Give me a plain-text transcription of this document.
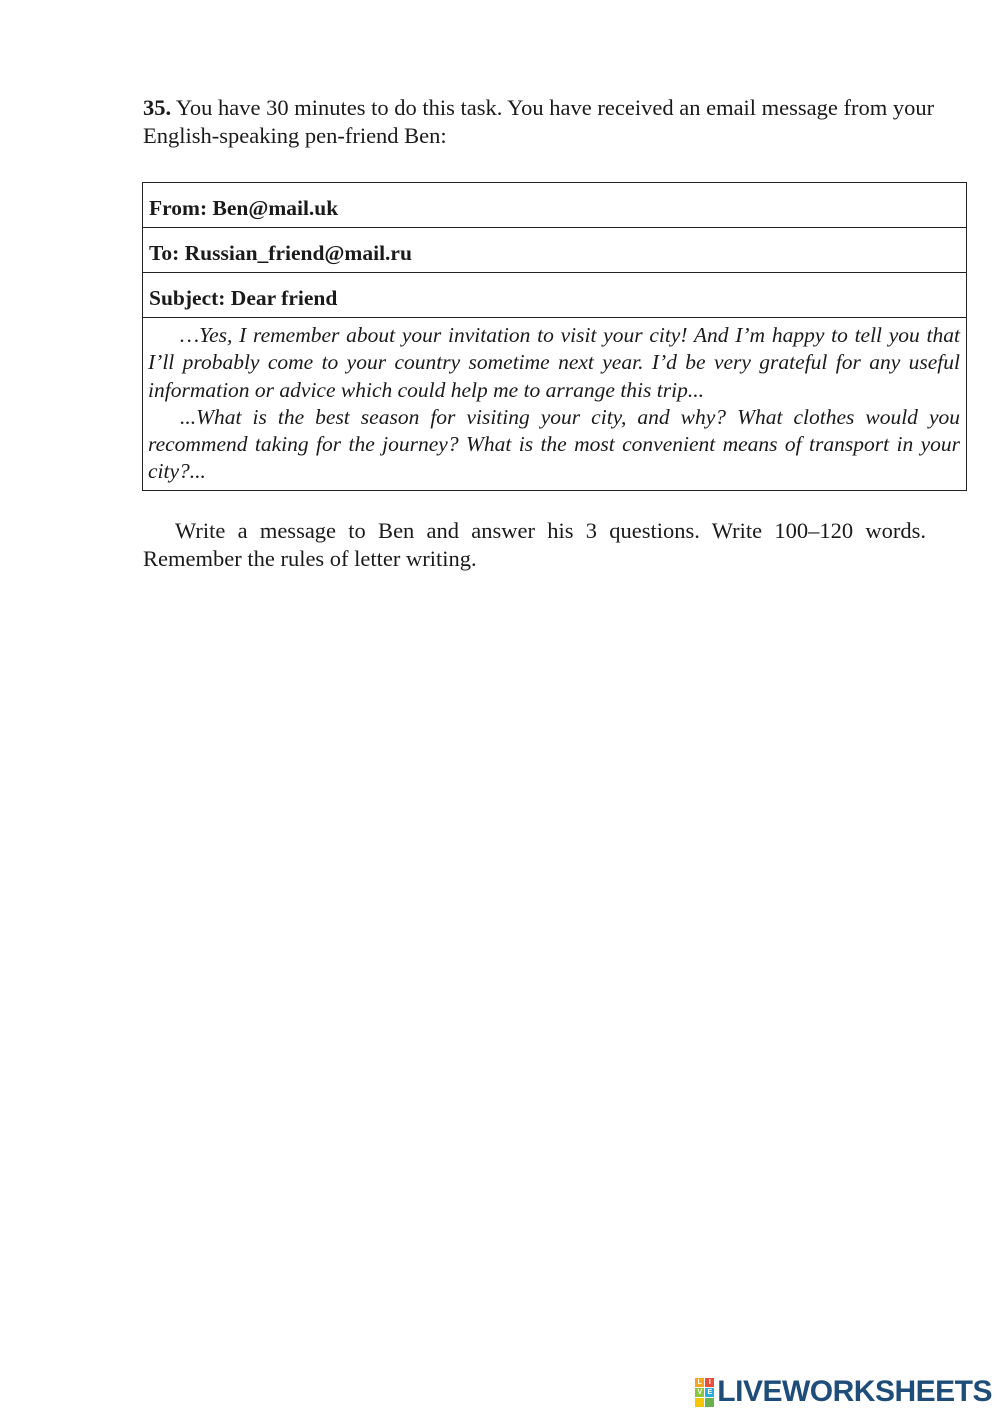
35. You have 30 minutes to do this task. You have received an email message from your English-speaking pen-friend Ben:

From: Ben@mail.uk
To: Russian_friend@mail.ru
Subject: Dear friend

…Yes, I remember about your invitation to visit your city! And I’m happy to tell you that I’ll probably come to your country sometime next year. I’d be very grateful for any useful information or advice which could help me to arrange this trip...

...What is the best season for visiting your city, and why? What clothes would you recommend taking for the journey? What is the most convenient means of transport in your city?...

Write a message to Ben and answer his 3 questions. Write 100–120 words. Remember the rules of letter writing.

L I
V E LIVEWORKSHEETS
